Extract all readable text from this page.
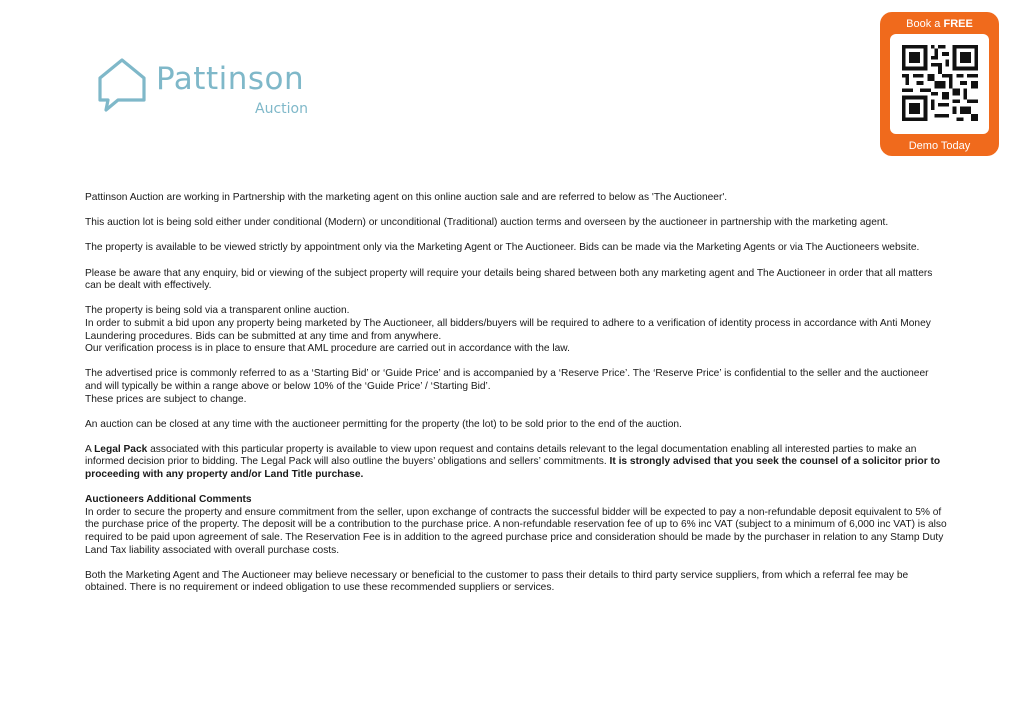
Pattinson
Auction
Book a FREE
Demo Today

Pattinson Auction are working in Partnership with the marketing agent on this online auction sale and are referred to below as 'The Auctioneer'.

This auction lot is being sold either under conditional (Modern) or unconditional (Traditional) auction terms and overseen by the auctioneer in partnership with the marketing agent.

The property is available to be viewed strictly by appointment only via the Marketing Agent or The Auctioneer. Bids can be made via the Marketing Agents or via The Auctioneers website.

Please be aware that any enquiry, bid or viewing of the subject property will require your details being shared between both any marketing agent and The Auctioneer in order that all matters can be dealt with effectively.

The property is being sold via a transparent online auction.
In order to submit a bid upon any property being marketed by The Auctioneer, all bidders/buyers will be required to adhere to a verification of identity process in accordance with Anti Money Laundering procedures. Bids can be submitted at any time and from anywhere.
Our verification process is in place to ensure that AML procedure are carried out in accordance with the law.

The advertised price is commonly referred to as a ‘Starting Bid’ or ‘Guide Price’ and is accompanied by a ‘Reserve Price’. The ‘Reserve Price’ is confidential to the seller and the auctioneer and will typically be within a range above or below 10% of the ‘Guide Price’ / ‘Starting Bid’.
These prices are subject to change.

An auction can be closed at any time with the auctioneer permitting for the property (the lot) to be sold prior to the end of the auction.

A Legal Pack associated with this particular property is available to view upon request and contains details relevant to the legal documentation enabling all interested parties to make an informed decision prior to bidding. The Legal Pack will also outline the buyers’ obligations and sellers’ commitments. It is strongly advised that you seek the counsel of a solicitor prior to proceeding with any property and/or Land Title purchase.

Auctioneers Additional Comments
In order to secure the property and ensure commitment from the seller, upon exchange of contracts the successful bidder will be expected to pay a non-refundable deposit equivalent to 5% of the purchase price of the property. The deposit will be a contribution to the purchase price. A non-refundable reservation fee of up to 6% inc VAT (subject to a minimum of 6,000 inc VAT) is also required to be paid upon agreement of sale. The Reservation Fee is in addition to the agreed purchase price and consideration should be made by the purchaser in relation to any Stamp Duty Land Tax liability associated with overall purchase costs.

Both the Marketing Agent and The Auctioneer may believe necessary or beneficial to the customer to pass their details to third party service suppliers, from which a referral fee may be obtained. There is no requirement or indeed obligation to use these recommended suppliers or services.
